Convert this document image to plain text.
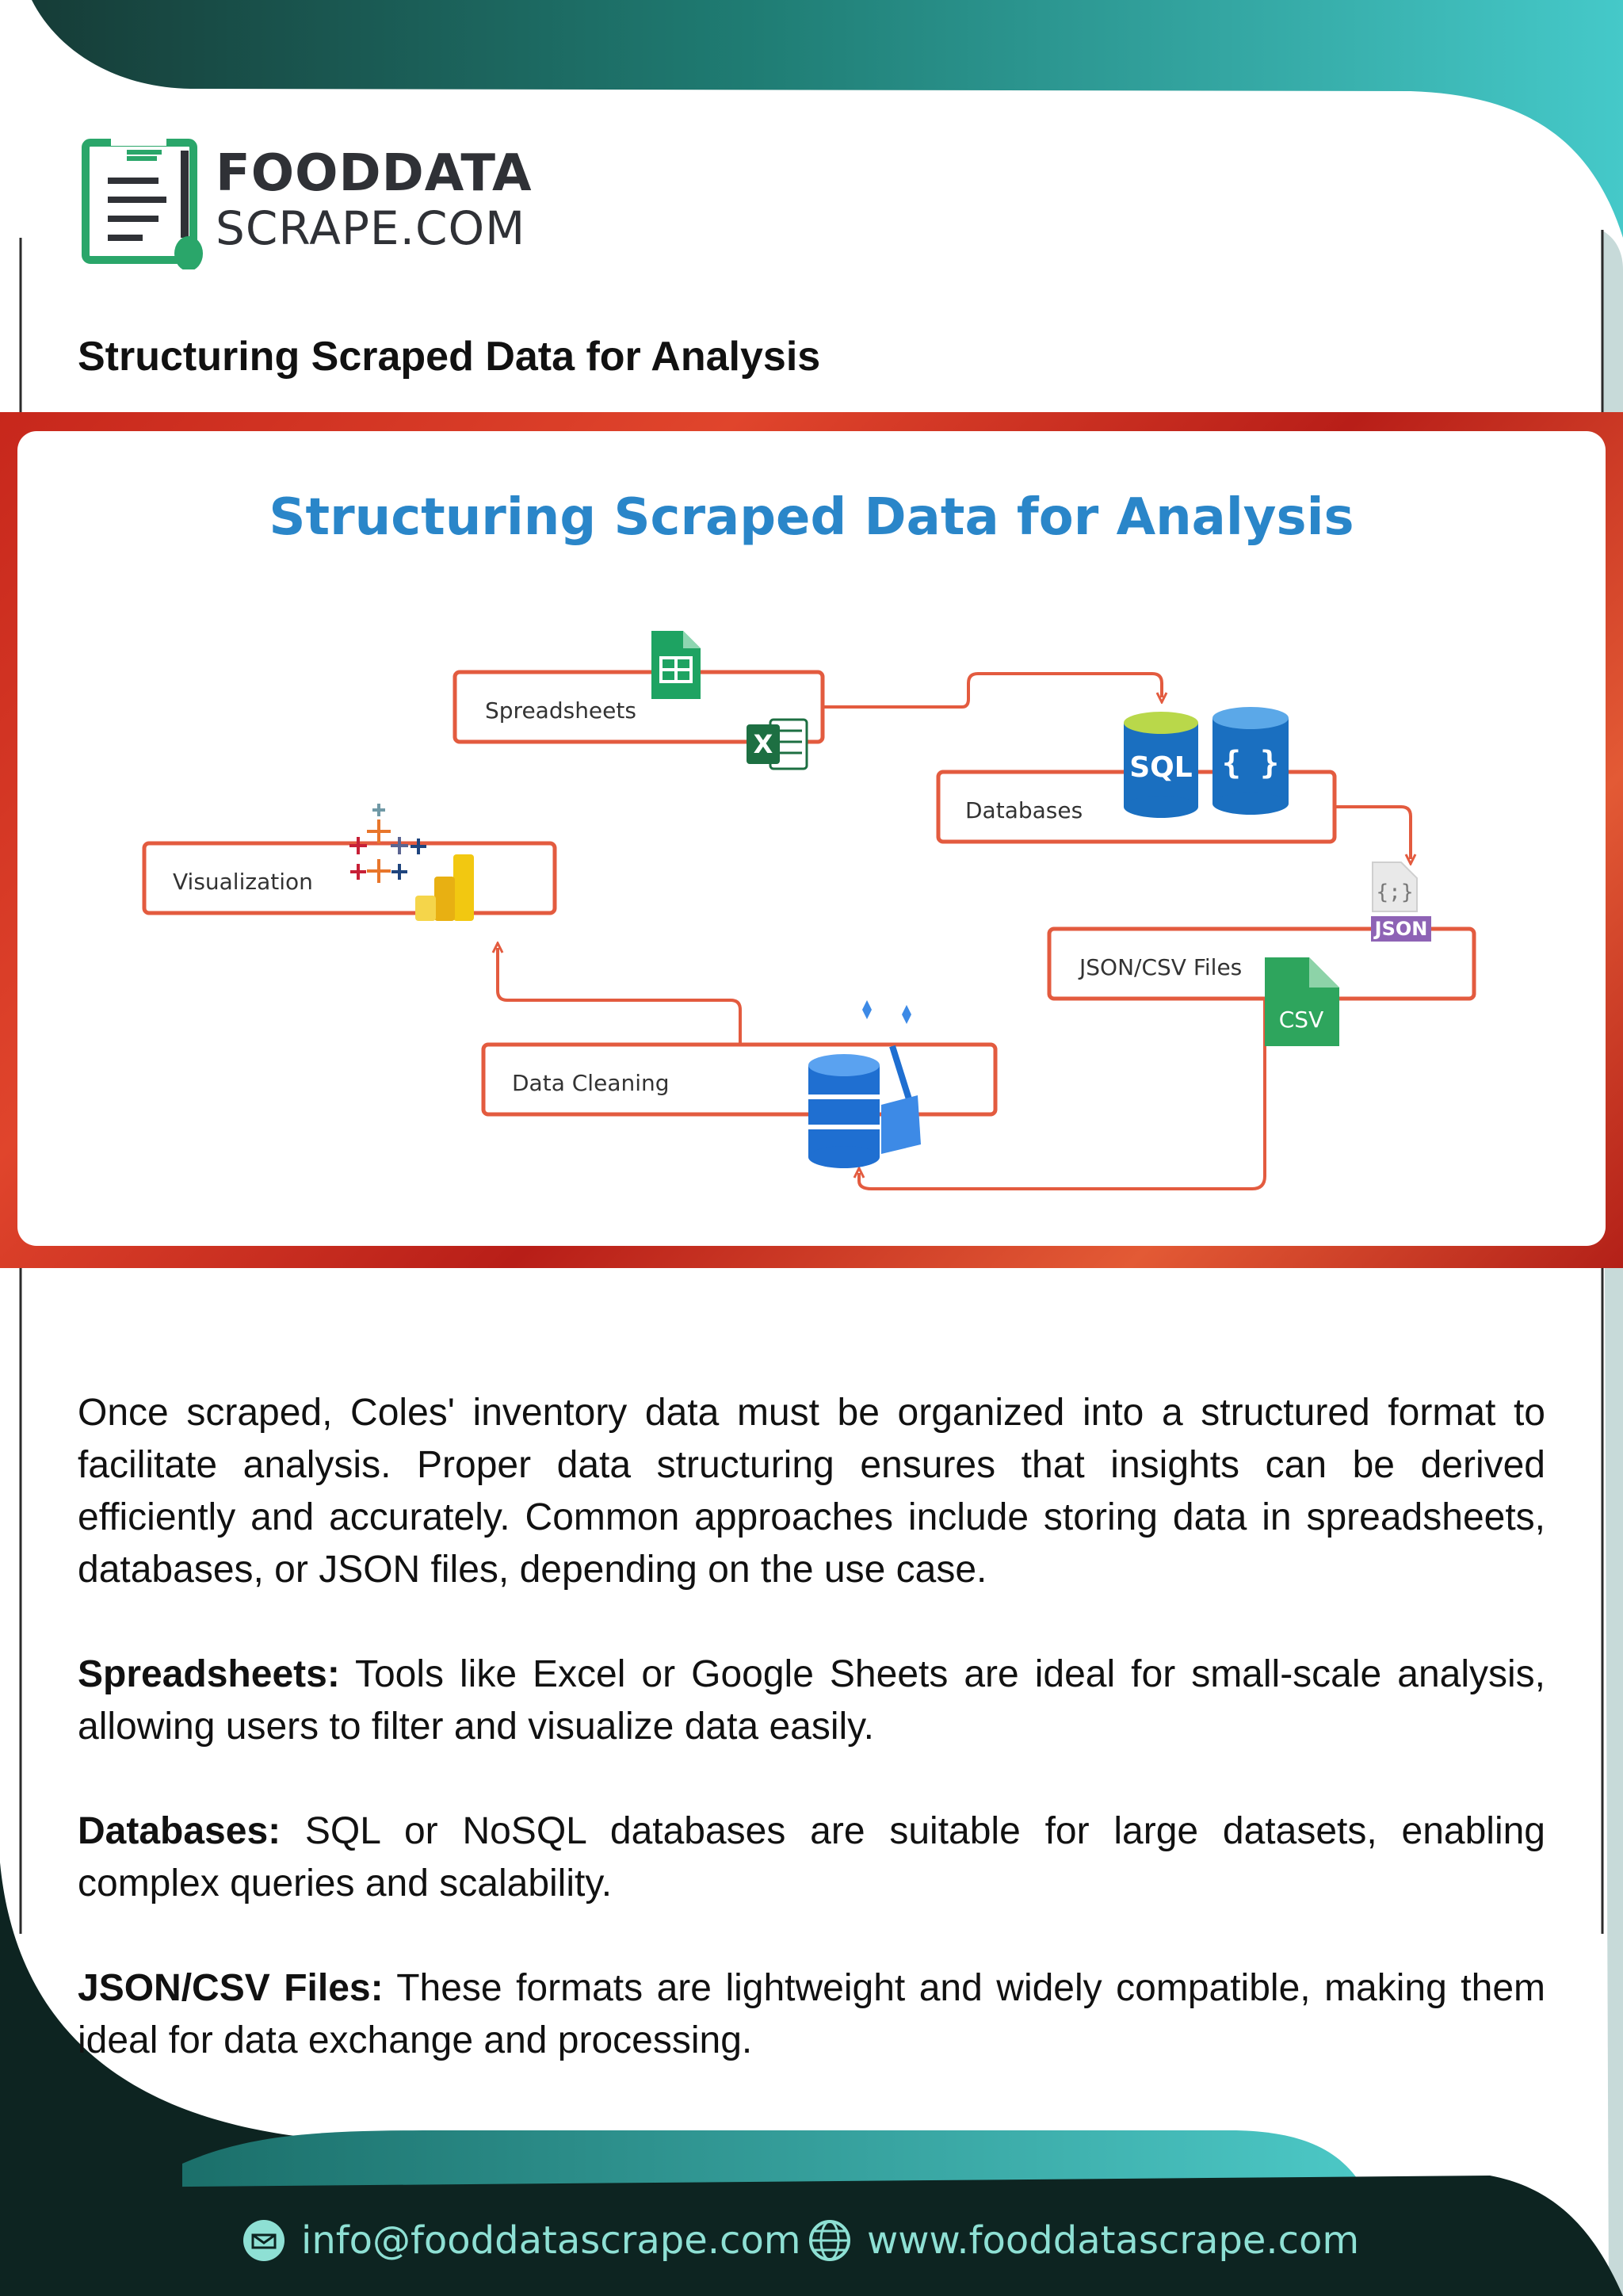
FOODDATA
SCRAPE.COM
Structuring Scraped Data for Analysis
Structuring Scraped Data for Analysis
Spreadsheets
Databases
JSON/CSV Files
Data Cleaning
Visualization
X
SQL { }
{;}
JSON
CSV

Once scraped, Coles' inventory data must be organized into a structured format to facilitate analysis. Proper data structuring ensures that insights can be derived efficiently and accurately. Common approaches include storing data in spreadsheets, databases, or JSON files, depending on the use case.

Spreadsheets: Tools like Excel or Google Sheets are ideal for small-scale analysis, allowing users to filter and visualize data easily.

Databases: SQL or NoSQL databases are suitable for large datasets, enabling complex queries and scalability.

JSON/CSV Files: These formats are lightweight and widely compatible, making them ideal for data exchange and processing.

info@fooddatascrape.com www.fooddatascrape.com
